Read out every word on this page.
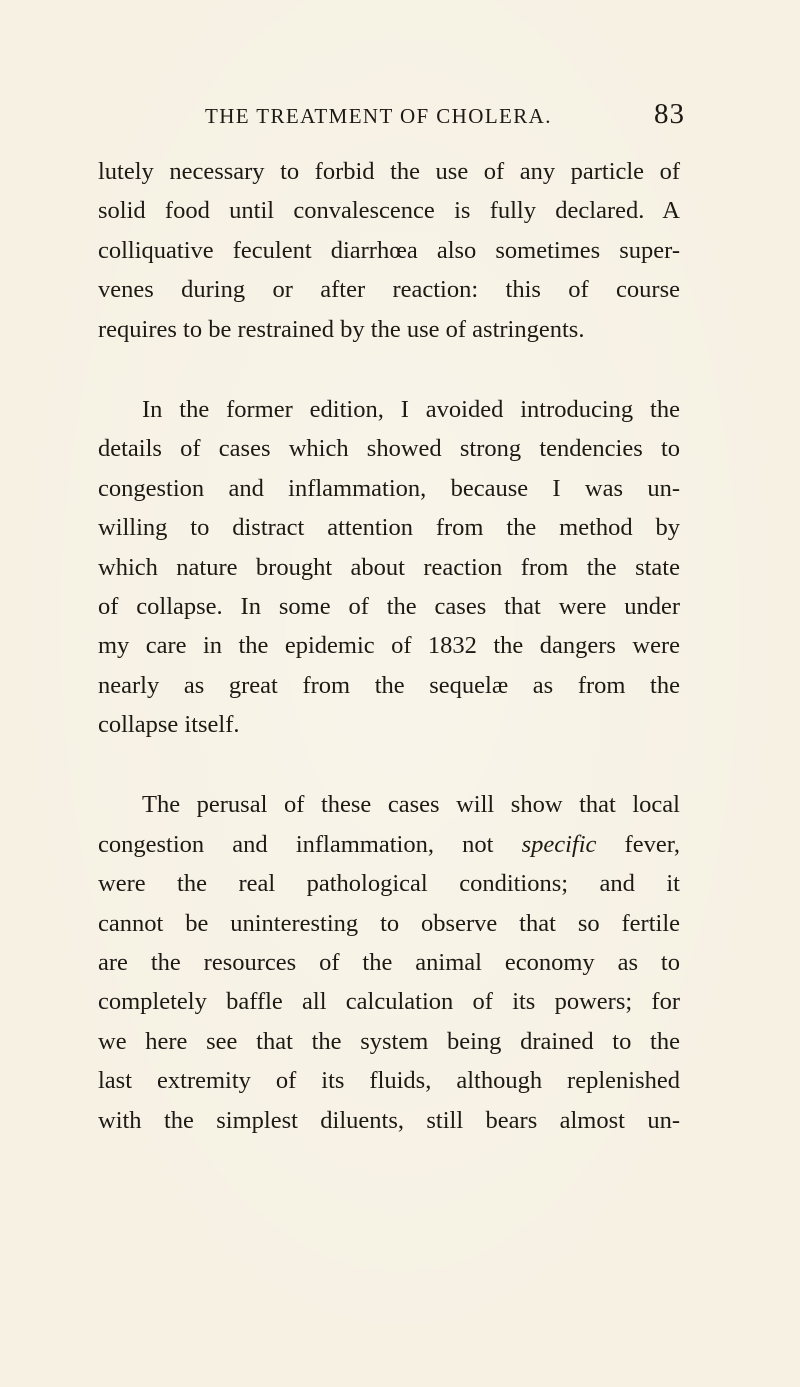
THE TREATMENT OF CHOLERA.	83

lutely necessary to forbid the use of any particle of
solid food until convalescence is fully declared. A
colliquative feculent diarrhœa also sometimes super-
venes during or after reaction: this of course
requires to be restrained by the use of astringents.

In the former edition, I avoided introducing the
details of cases which showed strong tendencies to
congestion and inflammation, because I was un-
willing to distract attention from the method by
which nature brought about reaction from the state
of collapse. In some of the cases that were under
my care in the epidemic of 1832 the dangers were
nearly as great from the sequelæ as from the
collapse itself.

The perusal of these cases will show that local
congestion and inflammation, not specific fever,
were the real pathological conditions; and it
cannot be uninteresting to observe that so fertile
are the resources of the animal economy as to
completely baffle all calculation of its powers; for
we here see that the system being drained to the
last extremity of its fluids, although replenished
with the simplest diluents, still bears almost un-
